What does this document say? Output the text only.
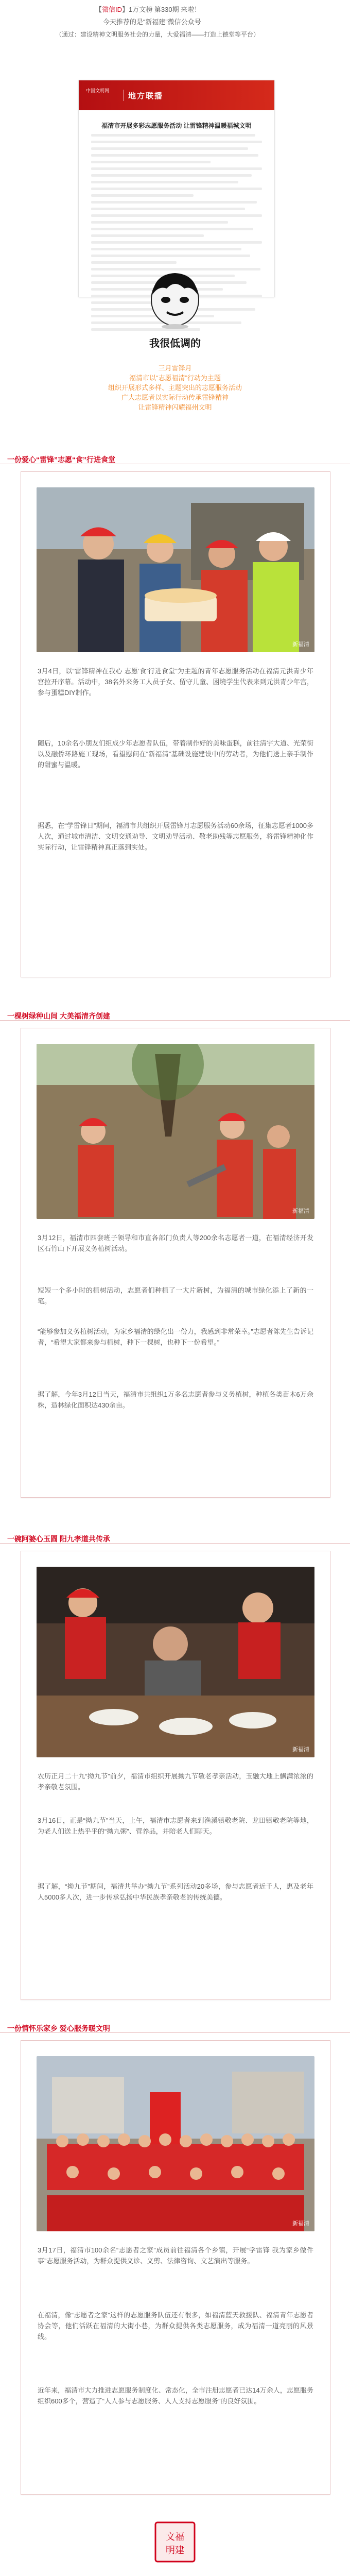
【微信ID】1万文榜 第330期 来啦！
今天推荐的是“新福建”微信公众号
（通过：建设精神文明服务社会的力量，大爱福清——打造上德堂等平台）
中国文明网
地方联播
福清市开展多彩志愿服务活动 让雷锋精神温暖福城文明
我很低调的
三月雷锋月
福清市以“志愿福清”行动为主题
组织开展形式多样、主题突出的志愿服务活动
广大志愿者以实际行动传承雷锋精神
让雷锋精神闪耀福州文明
一份爱心“雷锋”志愿“食”行进食堂
新福清

3月4日，以“雷锋精神在我心 志愿‘食’行进食堂”为主题的青年志愿服务活动在福清元洪青少年宫拉开序幕。活动中，38名外来务工人员子女、留守儿童、困境学生代表来到元洪青少年宫，参与蛋糕DIY制作。

随后，10余名小朋友们组成少年志愿者队伍，带着制作好的美味蛋糕，前往清宇大道、光荣街以及融侨环路施工现场，看望慰问在“新福清”基础设施建设中的劳动者，为他们送上亲手制作的甜蜜与温暖。

据悉，在“学雷锋日”期间，福清市共组织开展雷锋月志愿服务活动60余场，征集志愿者1000多人次，通过城市清洁、文明交通劝导、文明劝导活动、敬老助残等志愿服务，将雷锋精神化作实际行动，让雷锋精神真正落到实处。

一棵树绿种山间 大美福清齐创建
新福清

3月12日，福清市四套班子领导和市直各部门负责人等200余名志愿者一道，在福清经济开发区石竹山下开展义务植树活动。

短短一个多小时的植树活动，志愿者们种植了一大片新树，为福清的城市绿化添上了新的一笔。

“能够参加义务植树活动，为家乡福清的绿化出一份力，我感到非常荣幸。”志愿者陈先生告诉记者，“希望大家都来参与植树，种下一棵树，也种下一份希望。”

据了解，今年3月12日当天，福清市共组织1万多名志愿者参与义务植树，种植各类苗木6万余株，造林绿化面积达430余亩。

一碗阿婆心玉圆 阳九孝道共传承
新福清

农历正月二十九“拗九节”前夕，福清市组织开展拗九节敬老孝亲活动，玉融大地上飘满浓浓的孝亲敬老氛围。

3月16日，正是“拗九节”当天，上午，福清市志愿者来到渔溪镇敬老院、龙田镇敬老院等地，为老人们送上热乎乎的“拗九粥”、营养品，并陪老人们聊天。

据了解，“拗九节”期间，福清共举办“拗九节”系列活动20多场，参与志愿者近千人，惠及老年人5000多人次，进一步传承弘扬中华民族孝亲敬老的传统美德。

一份情怀乐家乡 爱心服务暖文明
新福清

3月17日，福清市100余名“志愿者之家”成员前往福清各个乡镇，开展“学雷锋 我为家乡做件事”志愿服务活动，为群众提供义诊、义剪、法律咨询、文艺演出等服务。

在福清，像“志愿者之家”这样的志愿服务队伍还有很多，如福清蓝天救援队、福清青年志愿者协会等，他们活跃在福清的大街小巷，为群众提供各类志愿服务，成为福清一道亮丽的风景线。

近年来，福清市大力推进志愿服务制度化、常态化，全市注册志愿者已达14万余人，志愿服务组织600多个，营造了“人人参与志愿服务、人人支持志愿服务”的良好氛围。

文福
明建
